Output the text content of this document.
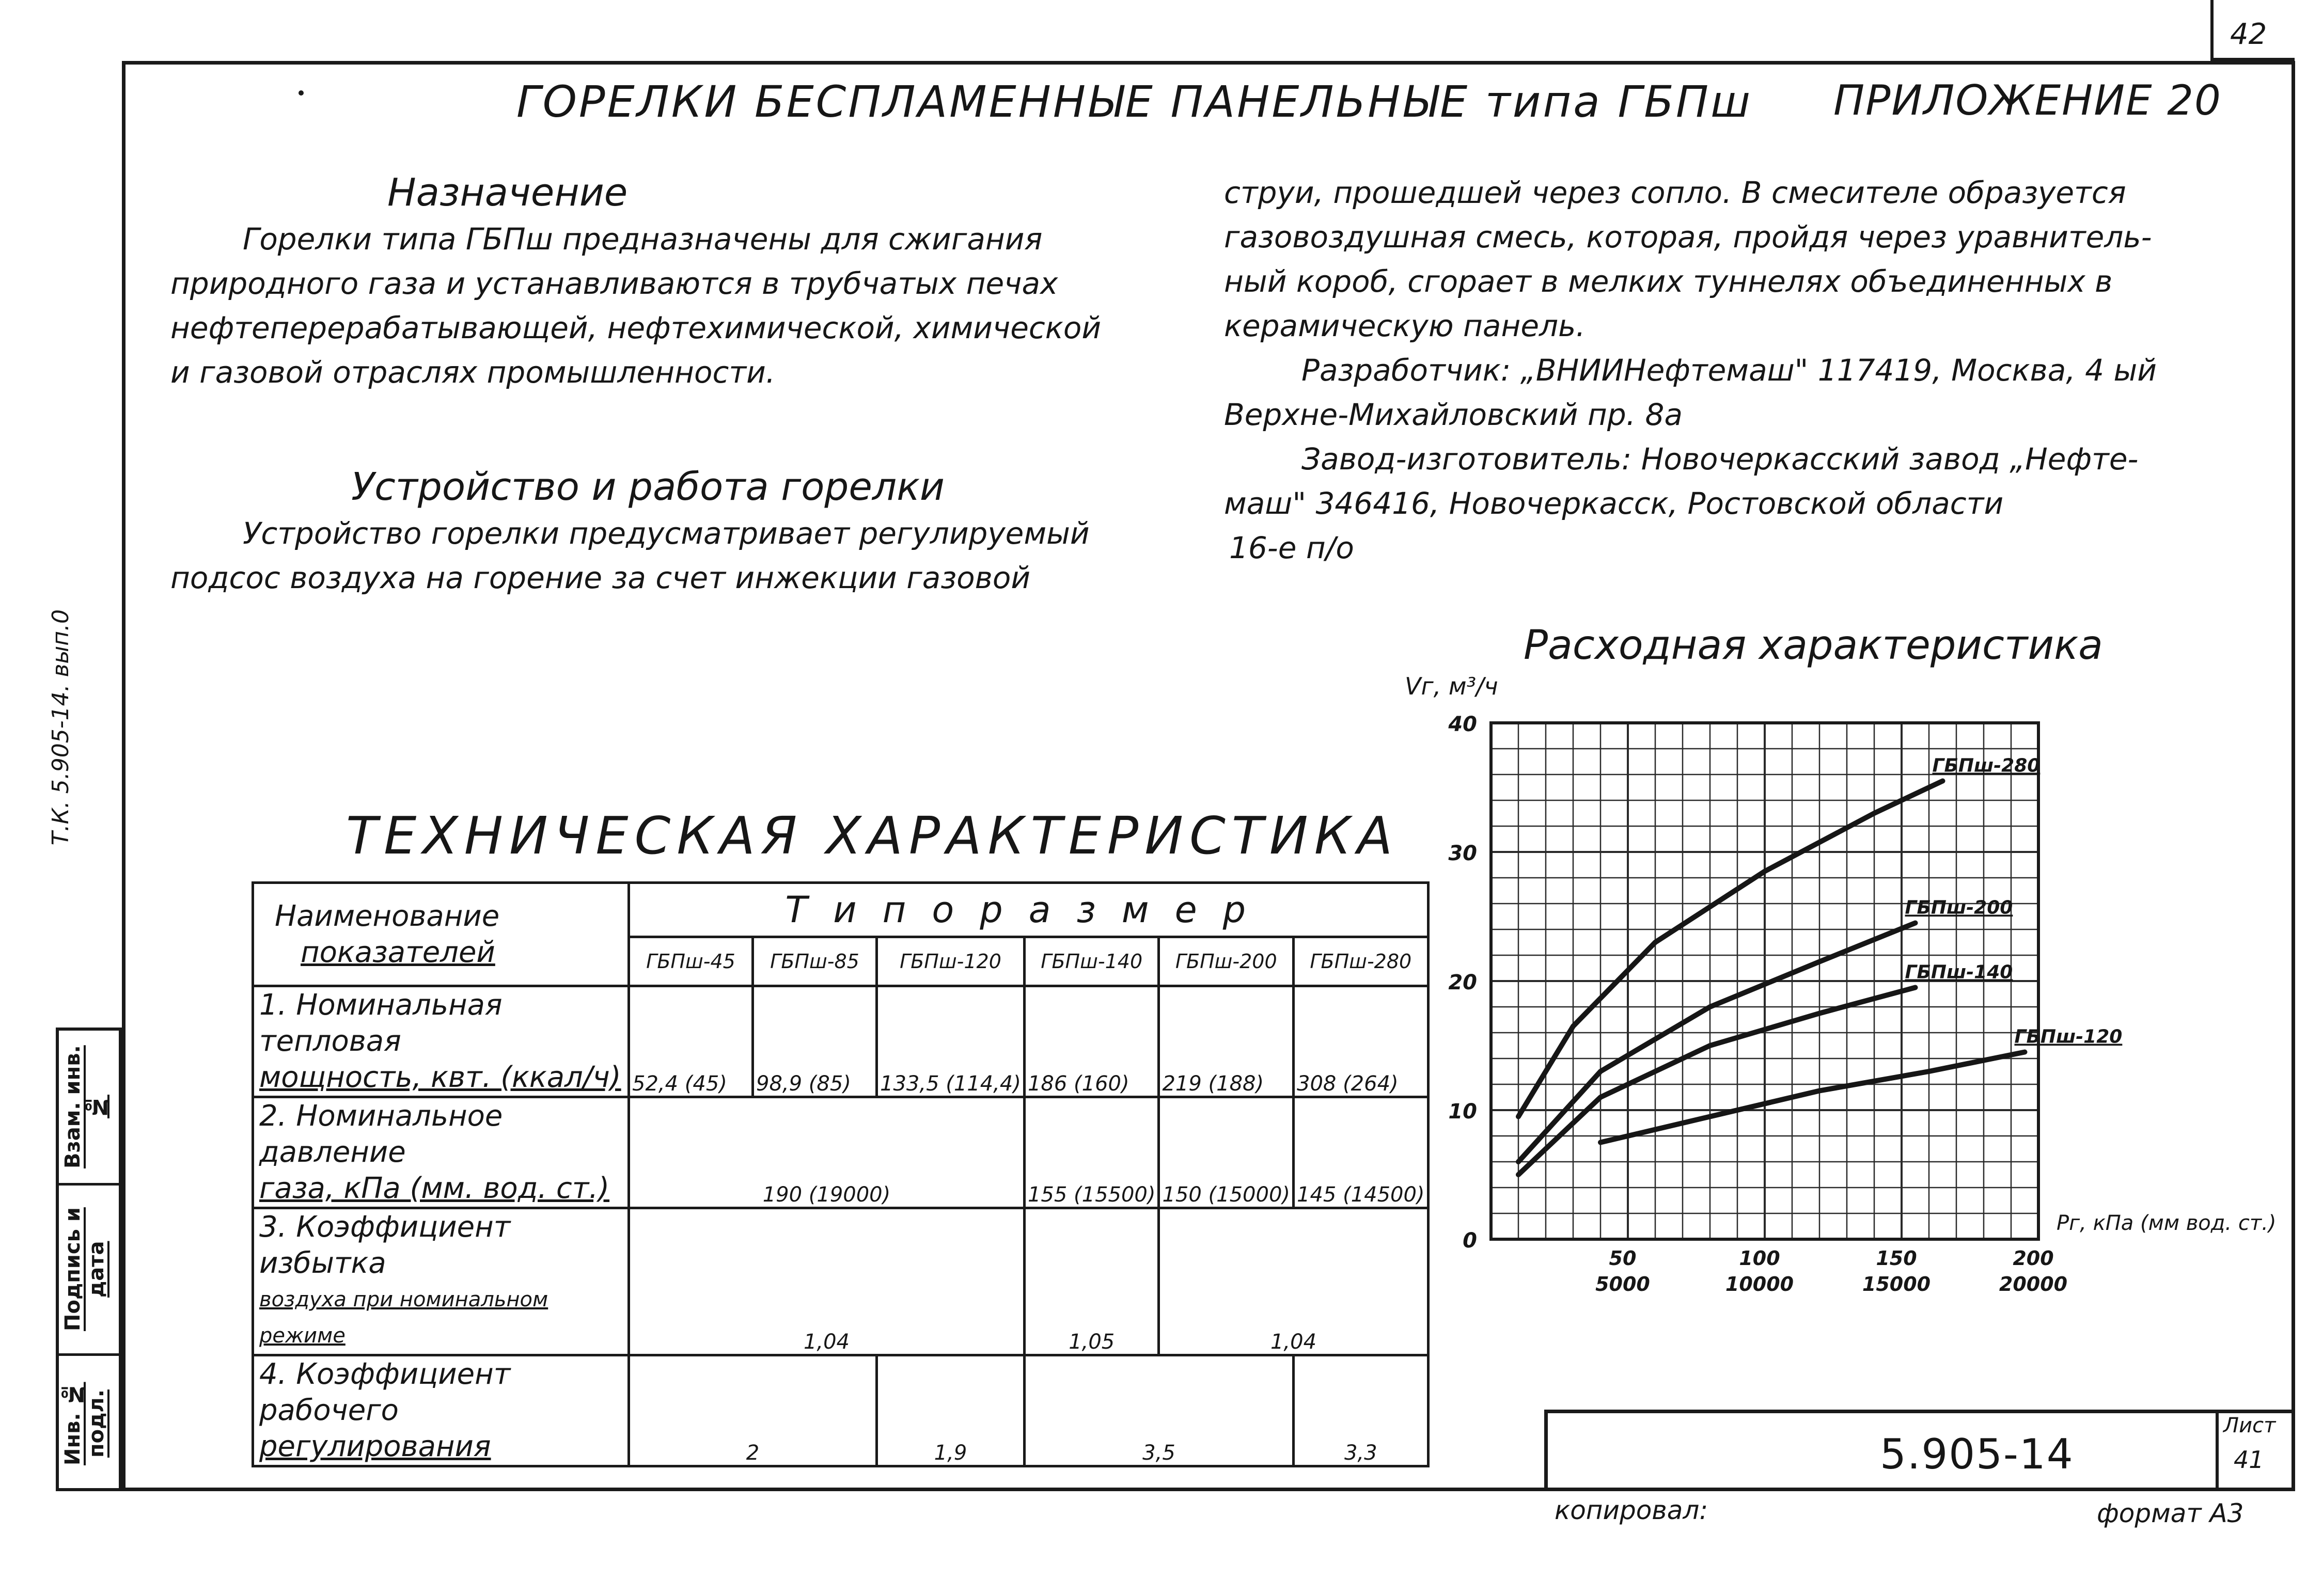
42
Т.К. 5.905-14. вып.0
Взам. инв. №
Подпись и дата
Инв. № подл.
ГОРЕЛКИ БЕСПЛАМЕННЫЕ ПАНЕЛЬНЫЕ типа ГБПш ПРИЛОЖЕНИЕ 20
Назначение

Горелки типа ГБПш предназначены для сжигания

природного газа и устанавливаются в трубчатых печах

нефтеперерабатывающей, нефтехимической, химической

и газовой отраслях промышленности.

Устройство и работа горелки

Устройство горелки предусматривает регулируемый

подсос воздуха на горение за счет инжекции газовой

струи, прошедшей через сопло. В смесителе образуется

газовоздушная смесь, которая, пройдя через уравнитель-

ный короб, сгорает в мелких туннелях объединенных в

керамическую панель.

Разработчик: „ВНИИНефтемаш" 117419, Москва, 4 ый

Верхне-Михайловский пр. 8а

Завод-изготовитель: Новочеркасский завод „Нефте-

маш" 346416, Новочеркасск, Ростовской области

16-е п/о

ТЕХНИЧЕСКАЯ ХАРАКТЕРИСТИКА
Наименование
показателей	Типоразмер					
	ГБПш-45	ГБПш-85	ГБПш-120	ГБПш-140	ГБПш-200	ГБПш-280

1. Номинальная тепловая
мощность, квт. (ккал/ч)	52,4 (45)	98,9 (85)	133,5 (114,4)	186 (160)	219 (188)	308 (264)

2. Номинальное давление
газа, кПа (мм. вод. ст.)	190 (19000)			155 (15500)	150 (15000)	145 (14500)

3. Коэффициент избытка
воздуха при номинальном режиме	1,04			1,05	1,04	

4. Коэффициент рабочего
регулирования	2		1,9	3,5		3,3
Расходная характеристика
0
10
20
30
40
50
5000
100
10000
150
15000
200
20000
Vг, м³/ч
Рг, кПа (мм вод. ст.)
ГБПш-280
ГБПш-200
ГБПш-140
ГБПш-120
5.905-14
Лист
41
копировал:	формат А3
